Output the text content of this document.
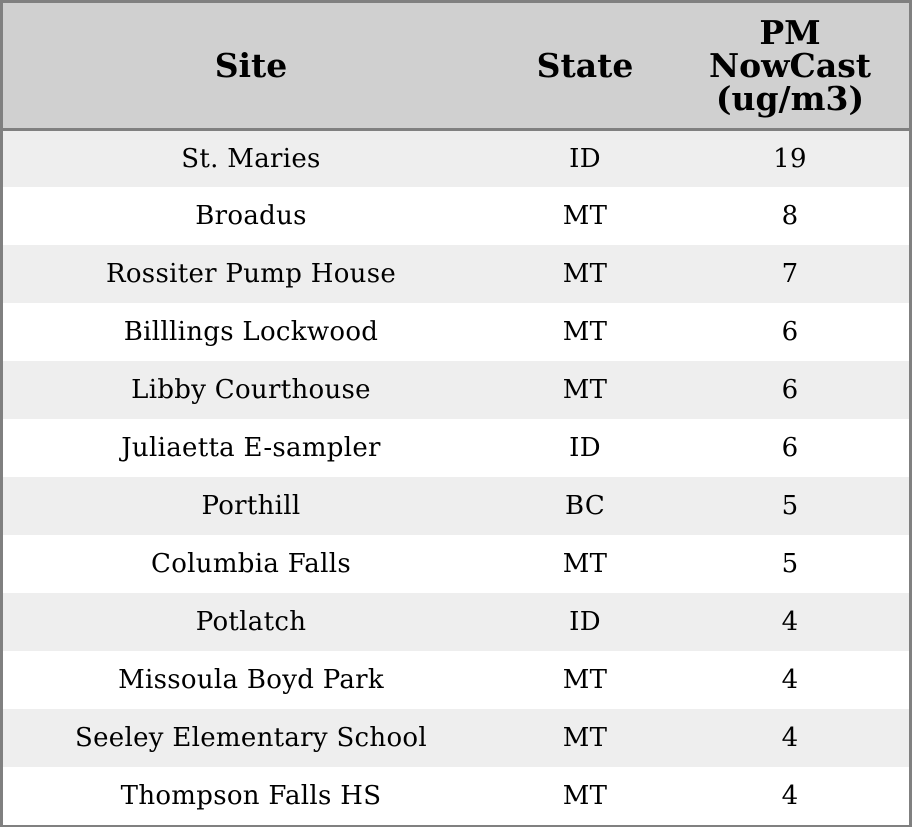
Site	State	PM
NowCast
(ug/m3)

St. Maries	ID	19
Broadus	MT	8
Rossiter Pump House	MT	7
Billlings Lockwood	MT	6
Libby Courthouse	MT	6
Juliaetta E-sampler	ID	6
Porthill	BC	5
Columbia Falls	MT	5
Potlatch	ID	4
Missoula Boyd Park	MT	4
Seeley Elementary School	MT	4
Thompson Falls HS	MT	4
